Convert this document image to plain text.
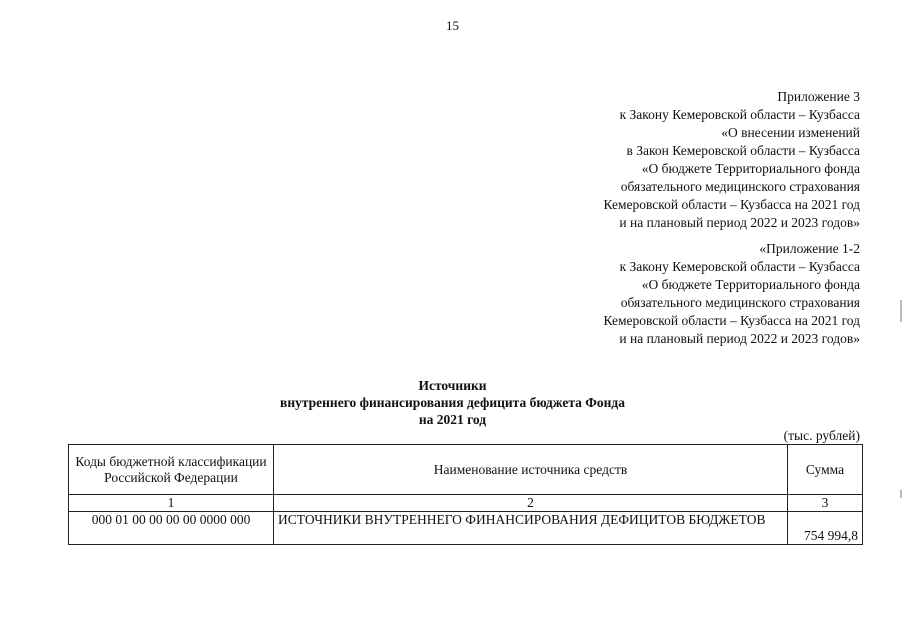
15
Приложение 3
к Закону Кемеровской области – Кузбасса
«О внесении изменений
в Закон Кемеровской области – Кузбасса
«О бюджете Территориального фонда
обязательного медицинского страхования
Кемеровской области – Кузбасса на 2021 год
и на плановый период 2022 и 2023 годов»
«Приложение 1-2
к Закону Кемеровской области – Кузбасса
«О бюджете Территориального фонда
обязательного медицинского страхования
Кемеровской области – Кузбасса на 2021 год
и на плановый период 2022 и 2023 годов»
Источники
внутреннего финансирования дефицита бюджета Фонда
на 2021 год
(тыс. рублей)
Коды бюджетной классификации Российской Федерации	Наименование источника средств	Сумма
1	2	3
000 01 00 00 00 00 0000 000	ИСТОЧНИКИ ВНУТРЕННЕГО ФИНАНСИРОВАНИЯ ДЕФИЦИТОВ БЮДЖЕТОВ	754 994,8
